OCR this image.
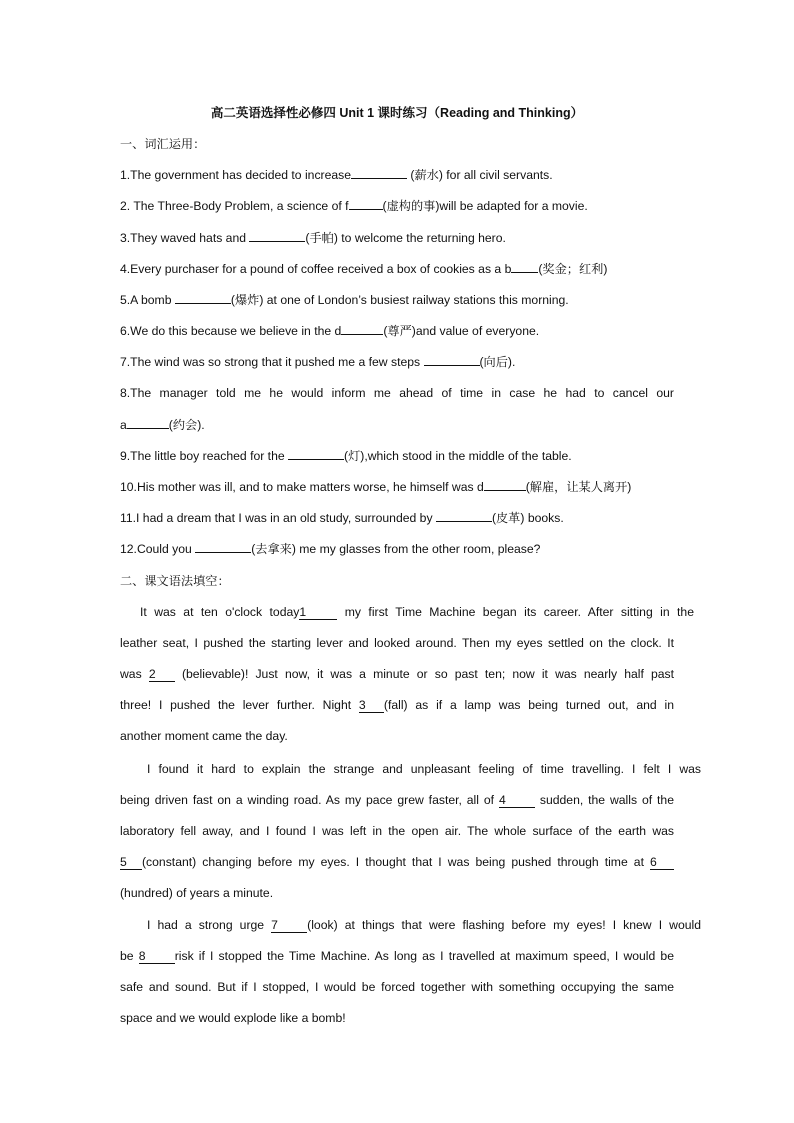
高二英语选择性必修四 Unit 1 课时练习（Reading and Thinking）
一、词汇运用：
1.The government has decided to increase	(薪水) for all civil servants.
2. The Three-Body Problem, a science of f	(虚构的事)will be adapted for a movie.
3.They waved hats and	(手帕) to welcome the returning hero.
4.Every purchaser for a pound of coffee received a box of cookies as a b (奖金；红利)
5.A bomb	(爆炸) at one of London’s busiest railway stations this morning.
6.We do this because we believe in the d	(尊严)and value of everyone.
7.The wind was so strong that it pushed me a few steps	(向后).
8.The manager told me he would inform me ahead of time in case he had to cancel our
a	(约会).
9.The little boy reached for the	(灯),which stood in the middle of the table.
10.His mother was ill, and to make matters worse, he himself was d	(解雇，让某人离开)
11.I had a dream that I was in an old study, surrounded by	(皮革) books.
12.Could you	(去拿来) me my glasses from the other room, please?
二、课文语法填空：
It was at ten o'clock today1	my first Time Machine began its career. After sitting in the
leather seat, I pushed the starting lever and looked around. Then my eyes settled on the clock. It
was 2 (believable)! Just now, it was a minute or so past ten; now it was nearly half past
three! I pushed the lever further. Night 3 (fall) as if a lamp was being turned out, and in
another moment came the day.
I found it hard to explain the strange and unpleasant feeling of time travelling. I felt I was
being driven fast on a winding road. As my pace grew faster, all of 4 sudden, the walls of the
laboratory fell away, and I found I was left in the open air. The whole surface of the earth was
5 (constant) changing before my eyes. I thought that I was being pushed through time at 6
(hundred) of years a minute.
I had a strong urge 7 (look) at things that were flashing before my eyes! I knew I would
be 8 risk if I stopped the Time Machine. As long as I travelled at maximum speed, I would be
safe and sound. But if I stopped, I would be forced together with something occupying the same
space and we would explode like a bomb!
